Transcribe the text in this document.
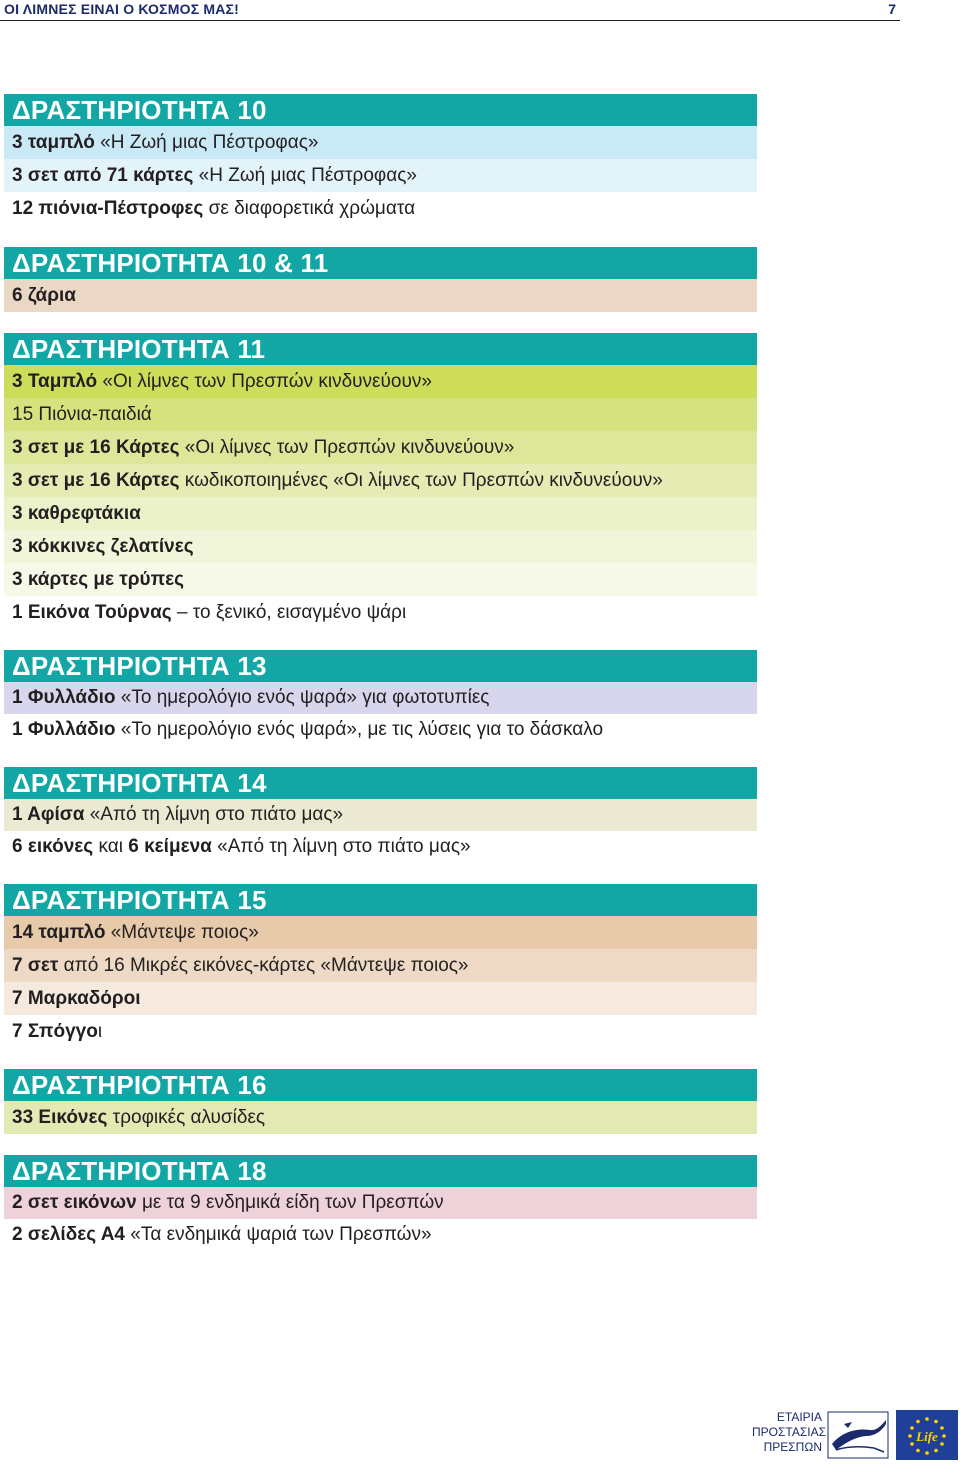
ΟΙ ΛΙΜΝΕΣ ΕΙΝΑΙ Ο ΚΟΣΜΟΣ ΜΑΣ!	7
ΔΡΑΣΤΗΡΙΟΤΗΤΑ 10
3 ταμπλό «Η Ζωή μιας Πέστροφας»
3 σετ από 71 κάρτες «Η Ζωή μιας Πέστροφας»
12 πιόνια-Πέστροφες σε διαφορετικά χρώματα
ΔΡΑΣΤΗΡΙΟΤΗΤΑ 10 & 11
6 ζάρια
ΔΡΑΣΤΗΡΙΟΤΗΤΑ 11
3 Ταμπλό «Οι λίμνες των Πρεσπών κινδυνεύουν»
15 Πιόνια-παιδιά
3 σετ με 16 Κάρτες «Οι λίμνες των Πρεσπών κινδυνεύουν»
3 σετ με 16 Κάρτες κωδικοποιημένες «Οι λίμνες των Πρεσπών κινδυνεύουν»
3 καθρεφτάκια
3 κόκκινες ζελατίνες
3 κάρτες με τρύπες
1 Εικόνα Τούρνας – το ξενικό, εισαγμένο ψάρι
ΔΡΑΣΤΗΡΙΟΤΗΤΑ 13
1 Φυλλάδιο «Το ημερολόγιο ενός ψαρά» για φωτοτυπίες
1 Φυλλάδιο «Το ημερολόγιο ενός ψαρά», με τις λύσεις για το δάσκαλο
ΔΡΑΣΤΗΡΙΟΤΗΤΑ 14
1 Αφίσα «Από τη λίμνη στο πιάτο μας»
6 εικόνες και 6 κείμενα «Από τη λίμνη στο πιάτο μας»
ΔΡΑΣΤΗΡΙΟΤΗΤΑ 15
14 ταμπλό «Μάντεψε ποιος»
7 σετ από 16 Μικρές εικόνες-κάρτες «Μάντεψε ποιος»
7 Μαρκαδόροι
7 Σπόγγοι
ΔΡΑΣΤΗΡΙΟΤΗΤΑ 16
33 Εικόνες τροφικές αλυσίδες
ΔΡΑΣΤΗΡΙΟΤΗΤΑ 18
2 σετ εικόνων με τα 9 ενδημικά είδη των Πρεσπών
2 σελίδες Α4 «Τα ενδημικά ψαριά των Πρεσπών»
ΕΤΑΙΡΙΑ
ΠΡΟΣΤΑΣΙΑΣ
ΠΡΕΣΠΩΝ
Life
